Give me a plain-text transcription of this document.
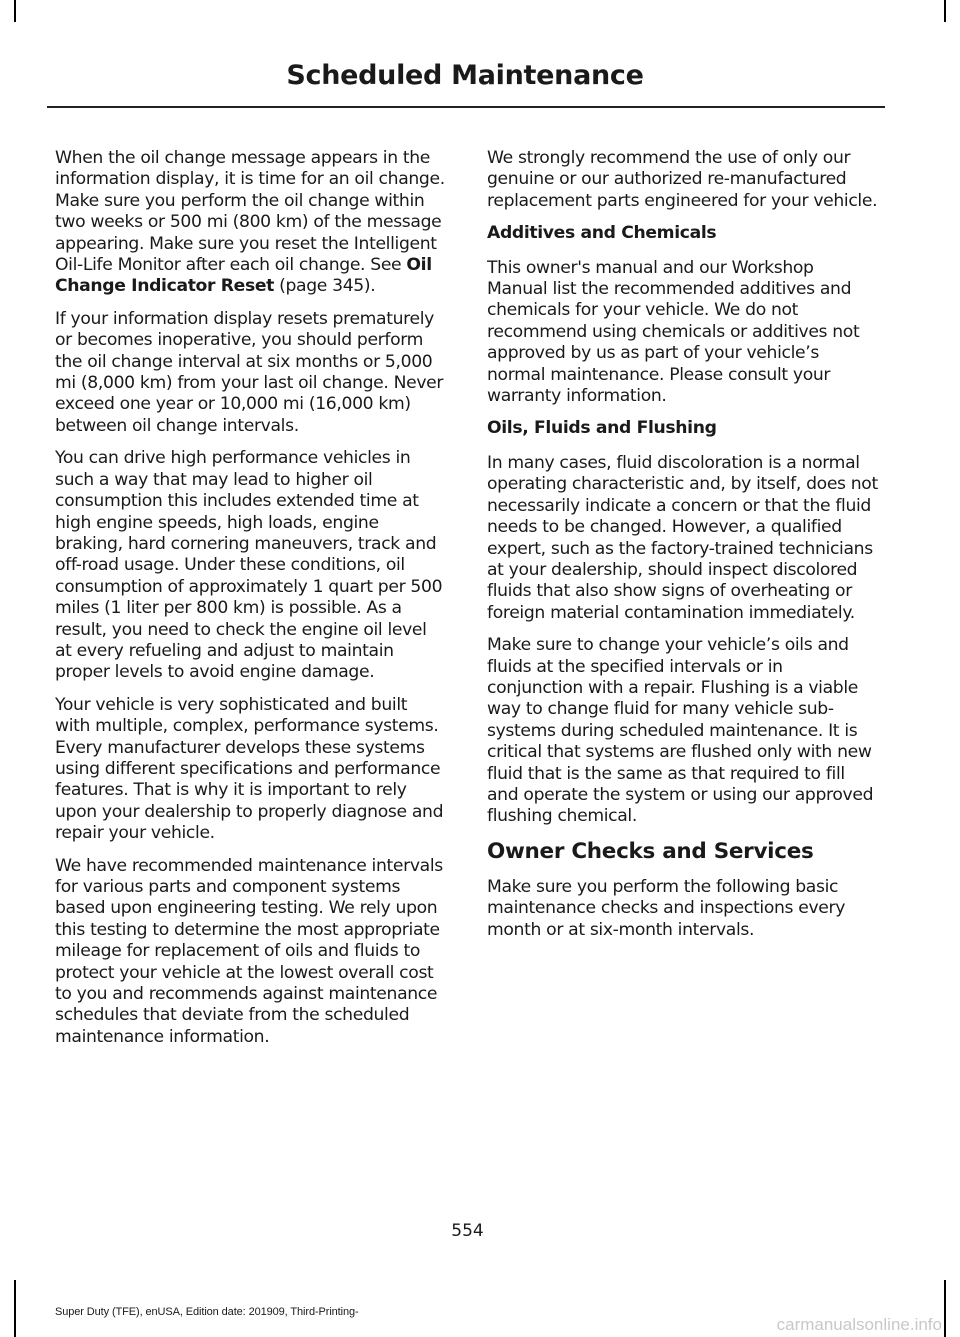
Scheduled Maintenance

When the oil change message appears in the information display, it is time for an oil change. Make sure you perform the oil change within two weeks or 500 mi (800 km) of the message appearing. Make sure you reset the Intelligent Oil-Life Monitor after each oil change. See Oil Change Indicator Reset (page 345).

If your information display resets prematurely or becomes inoperative, you should perform the oil change interval at six months or 5,000 mi (8,000 km) from your last oil change. Never exceed one year or 10,000 mi (16,000 km) between oil change intervals.

You can drive high performance vehicles in such a way that may lead to higher oil consumption this includes extended time at high engine speeds, high loads, engine braking, hard cornering maneuvers, track and off-road usage. Under these conditions, oil consumption of approximately 1 quart per 500 miles (1 liter per 800 km) is possible. As a result, you need to check the engine oil level at every refueling and adjust to maintain proper levels to avoid engine damage.

Your vehicle is very sophisticated and built with multiple, complex, performance systems. Every manufacturer develops these systems using different specifications and performance features. That is why it is important to rely upon your dealership to properly diagnose and repair your vehicle.

We have recommended maintenance intervals for various parts and component systems based upon engineering testing. We rely upon this testing to determine the most appropriate mileage for replacement of oils and fluids to protect your vehicle at the lowest overall cost to you and recommends against maintenance schedules that deviate from the scheduled maintenance information.

We strongly recommend the use of only our genuine or our authorized re-manufactured replacement parts engineered for your vehicle.

Additives and Chemicals

This owner's manual and our Workshop Manual list the recommended additives and chemicals for your vehicle. We do not recommend using chemicals or additives not approved by us as part of your vehicle’s normal maintenance. Please consult your warranty information.

Oils, Fluids and Flushing

In many cases, fluid discoloration is a normal operating characteristic and, by itself, does not necessarily indicate a concern or that the fluid needs to be changed. However, a qualified expert, such as the factory-trained technicians at your dealership, should inspect discolored fluids that also show signs of overheating or foreign material contamination immediately.

Make sure to change your vehicle’s oils and fluids at the specified intervals or in conjunction with a repair. Flushing is a viable way to change fluid for many vehicle sub-systems during scheduled maintenance. It is critical that systems are flushed only with new fluid that is the same as that required to fill and operate the system or using our approved flushing chemical.

Owner Checks and Services

Make sure you perform the following basic maintenance checks and inspections every month or at six-month intervals.

554
Super Duty (TFE), enUSA, Edition date: 201909, Third-Printing-
carmanualsonline.info
